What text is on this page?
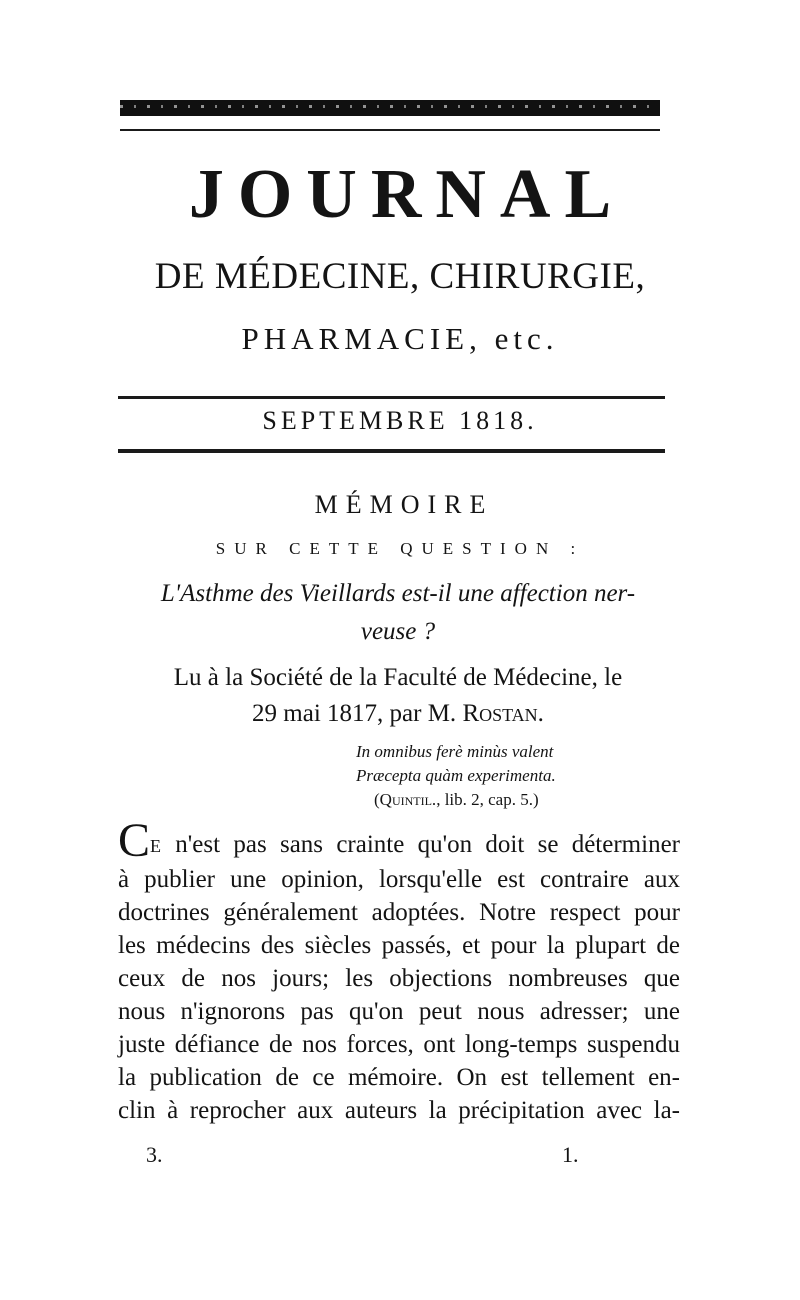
JOURNAL
DE MÉDECINE, CHIRURGIE,
PHARMACIE, etc.
SEPTEMBRE 1818.
MÉMOIRE
SUR CETTE QUESTION :
L'Asthme des Vieillards est-il une affection ner-
veuse ?
Lu à la Société de la Faculté de Médecine, le
29 mai 1817, par M. Rostan.
In omnibus ferè minùs valent
Præcepta quàm experimenta.
(Quintil., lib. 2, cap. 5.)
CE n'est pas sans crainte qu'on doit se déterminer
à publier une opinion, lorsqu'elle est contraire aux
doctrines généralement adoptées. Notre respect pour
les médecins des siècles passés, et pour la plupart de
ceux de nos jours; les objections nombreuses que
nous n'ignorons pas qu'on peut nous adresser; une
juste défiance de nos forces, ont long-temps suspendu
la publication de ce mémoire. On est tellement en-
clin à reprocher aux auteurs la précipitation avec la-
3.	1.
